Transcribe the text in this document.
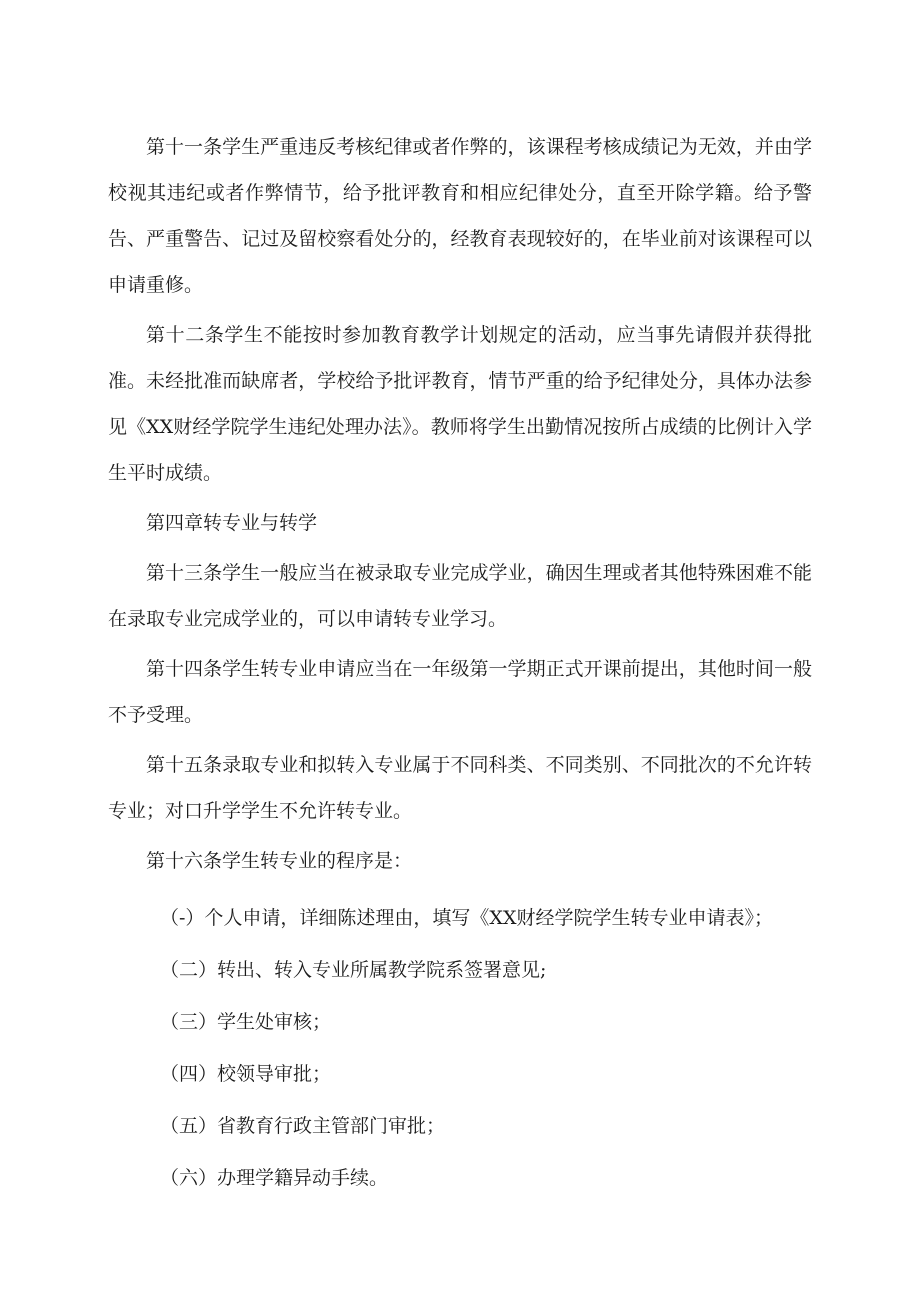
第十一条学生严重违反考核纪律或者作弊的，该课程考核成绩记为无效，并由学校视其违纪或者作弊情节，给予批评教育和相应纪律处分，直至开除学籍。给予警告、严重警告、记过及留校察看处分的，经教育表现较好的，在毕业前对该课程可以申请重修。

第十二条学生不能按时参加教育教学计划规定的活动，应当事先请假并获得批准。未经批准而缺席者，学校给予批评教育，情节严重的给予纪律处分，具体办法参见《XX财经学院学生违纪处理办法》。教师将学生出勤情况按所占成绩的比例计入学生平时成绩。

第四章转专业与转学

第十三条学生一般应当在被录取专业完成学业，确因生理或者其他特殊困难不能在录取专业完成学业的，可以申请转专业学习。

第十四条学生转专业申请应当在一年级第一学期正式开课前提出，其他时间一般不予受理。

第十五条录取专业和拟转入专业属于不同科类、不同类别、不同批次的不允许转专业；对口升学学生不允许转专业。

第十六条学生转专业的程序是：

（-）个人申请，详细陈述理由，填写《XX财经学院学生转专业申请表》；
（二）转出、转入专业所属教学院系签署意见;
（三）学生处审核；
（四）校领导审批；
（五）省教育行政主管部门审批；
（六）办理学籍异动手续。
